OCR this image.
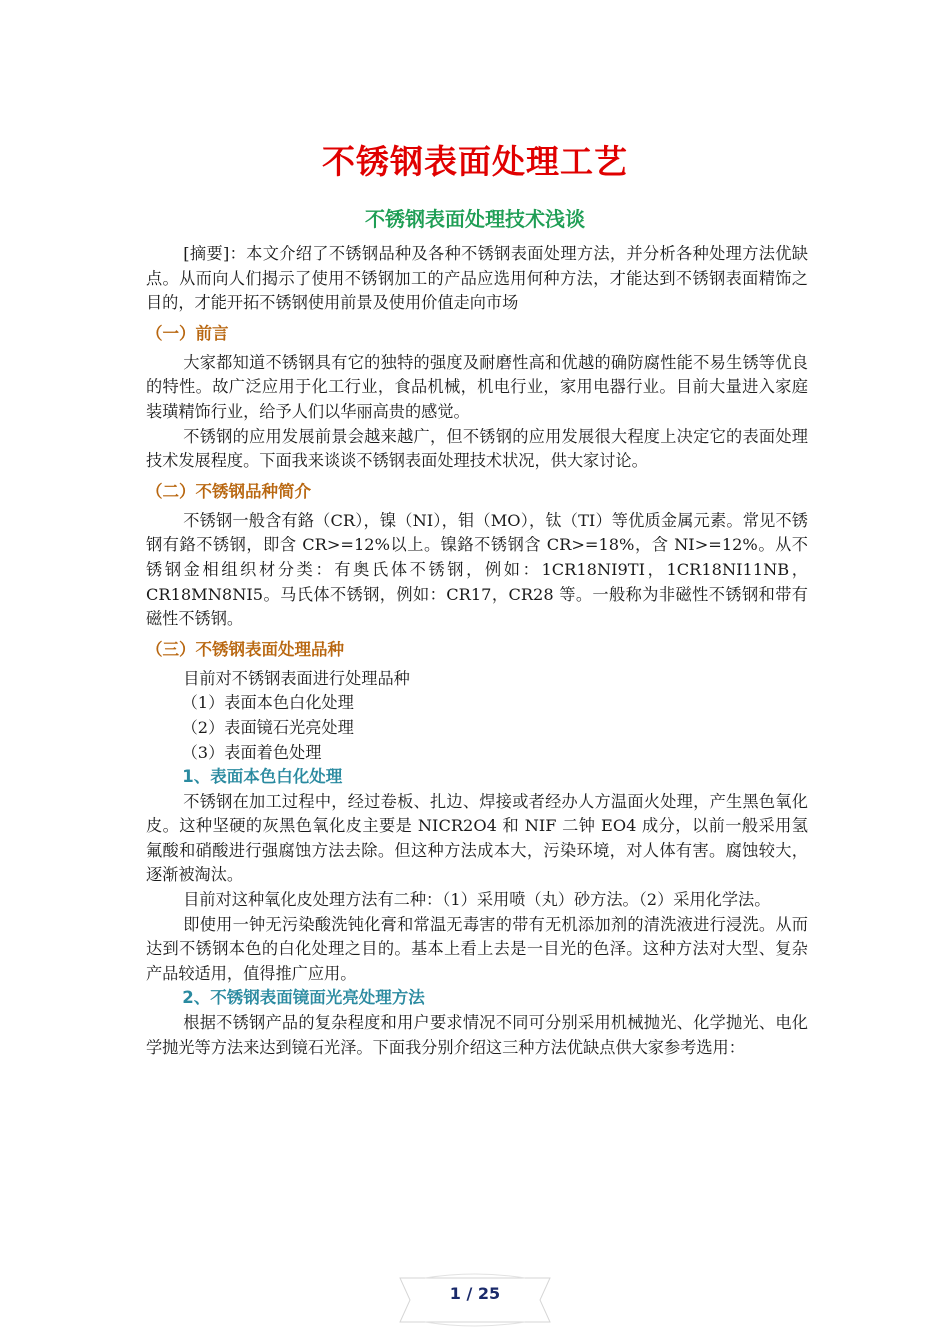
不锈钢表面处理工艺
不锈钢表面处理技术浅谈

[摘要]：本文介绍了不锈钢品种及各种不锈钢表面处理方法，并分析各种处理方法优缺点。从而向人们揭示了使用不锈钢加工的产品应选用何种方法，才能达到不锈钢表面精饰之目的，才能开拓不锈钢使用前景及使用价值走向市场

（一）前言

大家都知道不锈钢具有它的独特的强度及耐磨性高和优越的确防腐性能不易生锈等优良的特性。故广泛应用于化工行业，食品机械，机电行业，家用电器行业。目前大量进入家庭装璜精饰行业，给予人们以华丽高贵的感觉。

不锈钢的应用发展前景会越来越广，但不锈钢的应用发展很大程度上决定它的表面处理技术发展程度。下面我来谈谈不锈钢表面处理技术状况，供大家讨论。

（二）不锈钢品种简介

不锈钢一般含有鉻（CR），镍（NI），钼（MO），钛（TI）等优质金属元素。常见不锈钢有鉻不锈钢，即含 CR>=12%以上。镍鉻不锈钢含 CR>=18%，含 NI>=12%。从不锈钢金相组织材分类：有奥氏体不锈钢，例如：1CR18NI9TI，1CR18NI11NB，CR18MN8NI5。马氏体不锈钢，例如：CR17，CR28 等。一般称为非磁性不锈钢和带有磁性不锈钢。

（三）不锈钢表面处理品种

目前对不锈钢表面进行处理品种

（1）表面本色白化处理

（2）表面镜石光亮处理

（3）表面着色处理

1、表面本色白化处理

不锈钢在加工过程中，经过卷板、扎边、焊接或者经办人方温面火处理，产生黑色氧化皮。这种坚硬的灰黑色氧化皮主要是 NICR2O4 和 NIF 二钟 EO4 成分，以前一般采用氢氟酸和硝酸进行强腐蚀方法去除。但这种方法成本大，污染环境，对人体有害。腐蚀较大，逐渐被淘汰。

目前对这种氧化皮处理方法有二种：（1）采用喷（丸）砂方法。（2）采用化学法。

即使用一钟无污染酸洗钝化膏和常温无毒害的带有无机添加剂的清洗液进行浸洗。从而达到不锈钢本色的白化处理之目的。基本上看上去是一目光的色泽。这种方法对大型、复杂产品较适用，值得推广应用。

2、不锈钢表面镜面光亮处理方法

根据不锈钢产品的复杂程度和用户要求情况不同可分别采用机械抛光、化学抛光、电化学抛光等方法来达到镜石光泽。下面我分别介绍这三种方法优缺点供大家参考选用：

1 / 25
